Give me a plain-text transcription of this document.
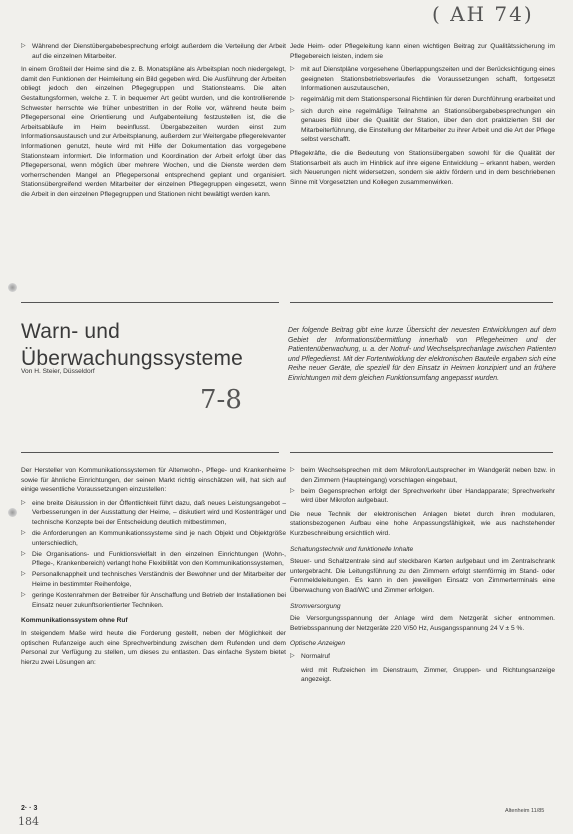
( AH 74)
7-8
184
▷ Während der Dienstübergabebesprechung erfolgt außerdem die Verteilung der Arbeit auf die einzelnen Mitarbeiter.

In einem Großteil der Heime sind die z. B. Monatspläne als Arbeitsplan noch niedergelegt, damit den Funktionen der Heimleitung ein Bild gegeben wird. Die Ausführung der Arbeiten obliegt jedoch den einzelnen Pflegegruppen und Stationsteams. Die alten Gestaltungsformen, welche z. T. in bequemer Art geübt wurden, und die kontrollierende Schwester herrschte wie früher unbestritten in der Rolle vor, während heute beim Pflegepersonal eine Orientierung und Aufgabenteilung festzustellen ist, die die Arbeitsabläufe im Heim beeinflusst. Übergabezeiten wurden einst zum Informationsaustausch und zur Arbeitsplanung, außerdem zur Weitergabe pflegerelevanter Informationen genutzt, heute wird mit Hilfe der Dokumentation das vorgegebene Stationsteam informiert. Die Information und Koordination der Arbeit erfolgt über das Pflegepersonal, wenn möglich über mehrere Wochen, und die Dienste werden dem vorherrschenden Mangel an Pflegepersonal entsprechend geplant und organisiert. Stationsübergreifend werden Mitarbeiter der einzelnen Pflegegruppen eingesetzt, wenn die Arbeit in den einzelnen Pflegegruppen und Stationen nicht bewältigt werden kann.

Jede Heim- oder Pflegeleitung kann einen wichtigen Beitrag zur Qualitätssicherung im Pflegebereich leisten, indem sie

▷ mit auf Dienstpläne vorgesehene Überlappungszeiten und der Berücksichtigung eines geeigneten Stationsbetriebsverlaufes die Voraussetzungen schafft, fortgesetzt Informationen auszutauschen,
▷ regelmäßig mit dem Stationspersonal Richtlinien für deren Durchführung erarbeitet und
▷ sich durch eine regelmäßige Teilnahme an Stationsübergabebesprechungen ein genaues Bild über die Qualität der Station, über den dort praktizierten Stil der Mitarbeiterführung, die Einstellung der Mitarbeiter zu ihrer Arbeit und die Art der Pflege selbst verschafft.

Pflegekräfte, die die Bedeutung von Stationsübergaben sowohl für die Qualität der Stationsarbeit als auch im Hinblick auf ihre eigene Entwicklung – erkannt haben, werden sich Neuerungen nicht widersetzen, sondern sie aktiv fördern und in dem beschriebenen Sinne mit Vorgesetzten und Kollegen zusammenwirken.

Warn- und Überwachungssysteme
Von H. Steier, Düsseldorf

Der folgende Beitrag gibt eine kurze Übersicht der neuesten Entwicklungen auf dem Gebiet der Informationsübermittlung innerhalb von Pflegeheimen und der Patientenüberwachung, u. a. der Notruf- und Wechselsprechanlage zwischen Patienten und Pflegedienst. Mit der Fortentwicklung der elektronischen Bauteile ergaben sich eine Reihe neuer Geräte, die speziell für den Einsatz in Heimen konzipiert und an frühere Einrichtungen mit dem gleichen Funktionsumfang angepasst wurden.

Der Hersteller von Kommunikationssystemen für Altenwohn-, Pflege- und Krankenheime sowie für ähnliche Einrichtungen, der seinen Markt richtig einschätzen will, hat sich auf einige wesentliche Voraussetzungen einzustellen:

▷ eine breite Diskussion in der Öffentlichkeit führt dazu, daß neues Leistungsangebot – Verbesserungen in der Ausstattung der Heime, – diskutiert wird und Kostenträger und technische Konzepte bei der Entscheidung deutlich mitbestimmen,
▷ die Anforderungen an Kommunikationssysteme sind je nach Objekt und Objektgröße unterschiedlich,
▷ Die Organisations- und Funktionsvielfalt in den einzelnen Einrichtungen (Wohn-, Pflege-, Krankenbereich) verlangt hohe Flexibilität von den Kommunikationssystemen,
▷ Personalknappheit und technisches Verständnis der Bewohner und der Mitarbeiter der Heime in bestimmter Reihenfolge,
▷ geringe Kostenrahmen der Betreiber für Anschaffung und Betrieb der Installationen bei Einsatz neuer zukunftsorientierter Techniken.
Kommunikationssystem ohne Ruf

In steigendem Maße wird heute die Forderung gestellt, neben der Möglichkeit der optischen Rufanzeige auch eine Sprechverbindung zwischen dem Rufenden und dem Personal zur Verfügung zu stellen, um dieses zu entlasten. Das einfache System bietet hierzu zwei Lösungen an:

2· · 3
▷ beim Wechselsprechen mit dem Mikrofon/Lautsprecher im Wandgerät neben bzw. in den Zimmern (Haupteingang) vorschlagen eingebaut,
▷ beim Gegensprechen erfolgt der Sprechverkehr über Handapparate; Sprechverkehr wird über Mikrofon aufgebaut.

Die neue Technik der elektronischen Anlagen bietet durch ihren modularen, stationsbezogenen Aufbau eine hohe Anpassungsfähigkeit, wie aus nachstehender Kurzbeschreibung ersichtlich wird.

Schaltungstechnik und funktionelle Inhalte

Steuer- und Schaltzentrale sind auf steckbaren Karten aufgebaut und im Zentralschrank untergebracht. Die Leitungsführung zu den Zimmern erfolgt sternförmig im Stand- oder Fernmeldeleitungen. Es kann in den jeweiligen Einsatz von Zimmerterminals eine Überwachung von Bad/WC und Zimmer erfolgen.

Stromversorgung

Die Versorgungsspannung der Anlage wird dem Netzgerät sicher entnommen. Betriebsspannung der Netzgeräte 220 V/50 Hz, Ausgangsspannung 24 V ± 5 %.

Optische Anzeigen
▷ Normalruf

wird mit Rufzeichen im Dienstraum, Zimmer, Gruppen- und Richtungsanzeige angezeigt.

Altenheim 11/85
